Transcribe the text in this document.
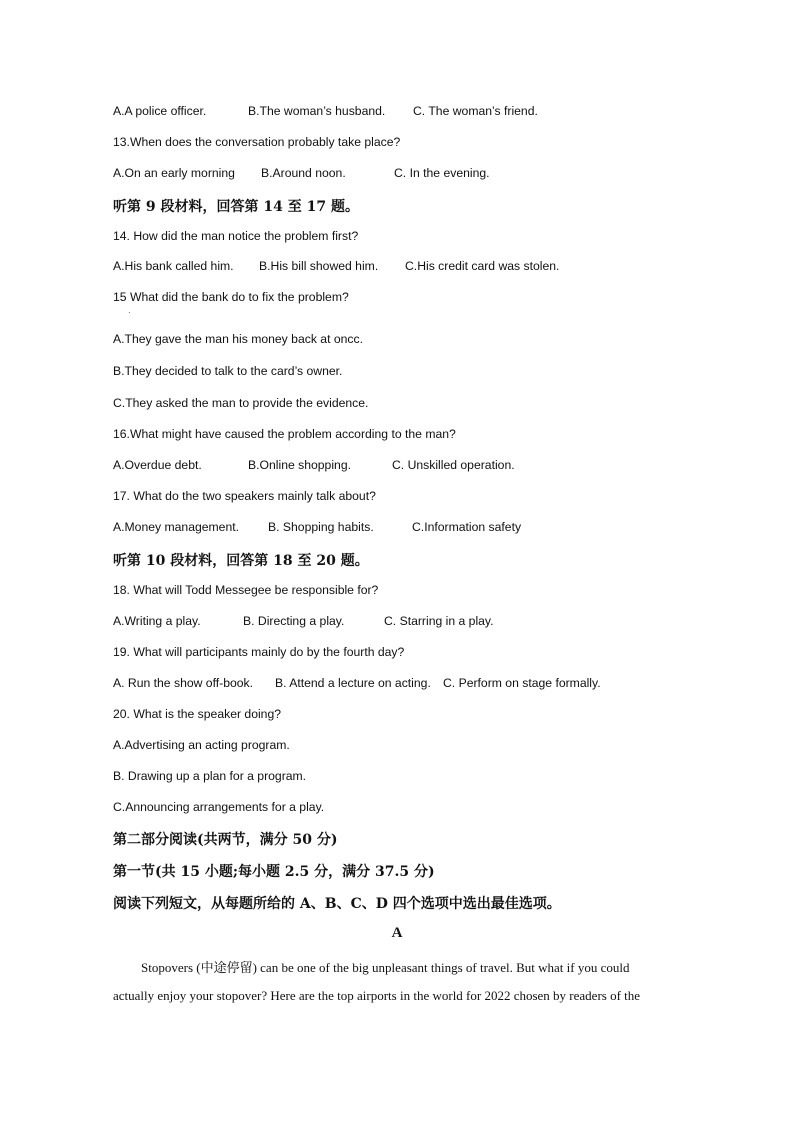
A.A police officer.	B.The woman’s husband. C. The woman’s friend.
13.When does the conversation probably take place?
A.On an early morning B.Around noon.	C. In the evening.
听第 9 段材料，回答第 14 至 17 题。
14. How did the man notice the problem first?
A.His bank called him. B.His bill showed him. C.His credit card was stolen.
15 What did the bank do to fix the problem?
·
A.They gave the man his money back at oncc.
B.They decided to talk to the card’s owner.
C.They asked the man to provide the evidence.
16.What might have caused the problem according to the man?
A.Overdue debt.	B.Online shopping.	C. Unskilled operation.
17. What do the two speakers mainly talk about?
A.Money management. B. Shopping habits.	C.Information safety
听第 10 段材料，回答第 18 至 20 题。
18. What will Todd Messegee be responsible for?
A.Writing a play.	B. Directing a play.	C. Starring in a play.
19. What will participants mainly do by the fourth day?
A. Run the show off-book. B. Attend a lecture on acting. C. Perform on stage formally.
20. What is the speaker doing?
A.Advertising an acting program.
B. Drawing up a plan for a program.
C.Announcing arrangements for a play.
第二部分阅读(共两节，满分 50 分)
第一节(共 15 小题;每小题 2.5 分，满分 37.5 分)
阅读下列短文，从每题所给的 A、B、C、D 四个选项中选出最佳选项。
A
Stopovers (中途停留) can be one of the big unpleasant things of travel. But what if you could
actually enjoy your stopover? Here are the top airports in the world for 2022 chosen by readers of the
